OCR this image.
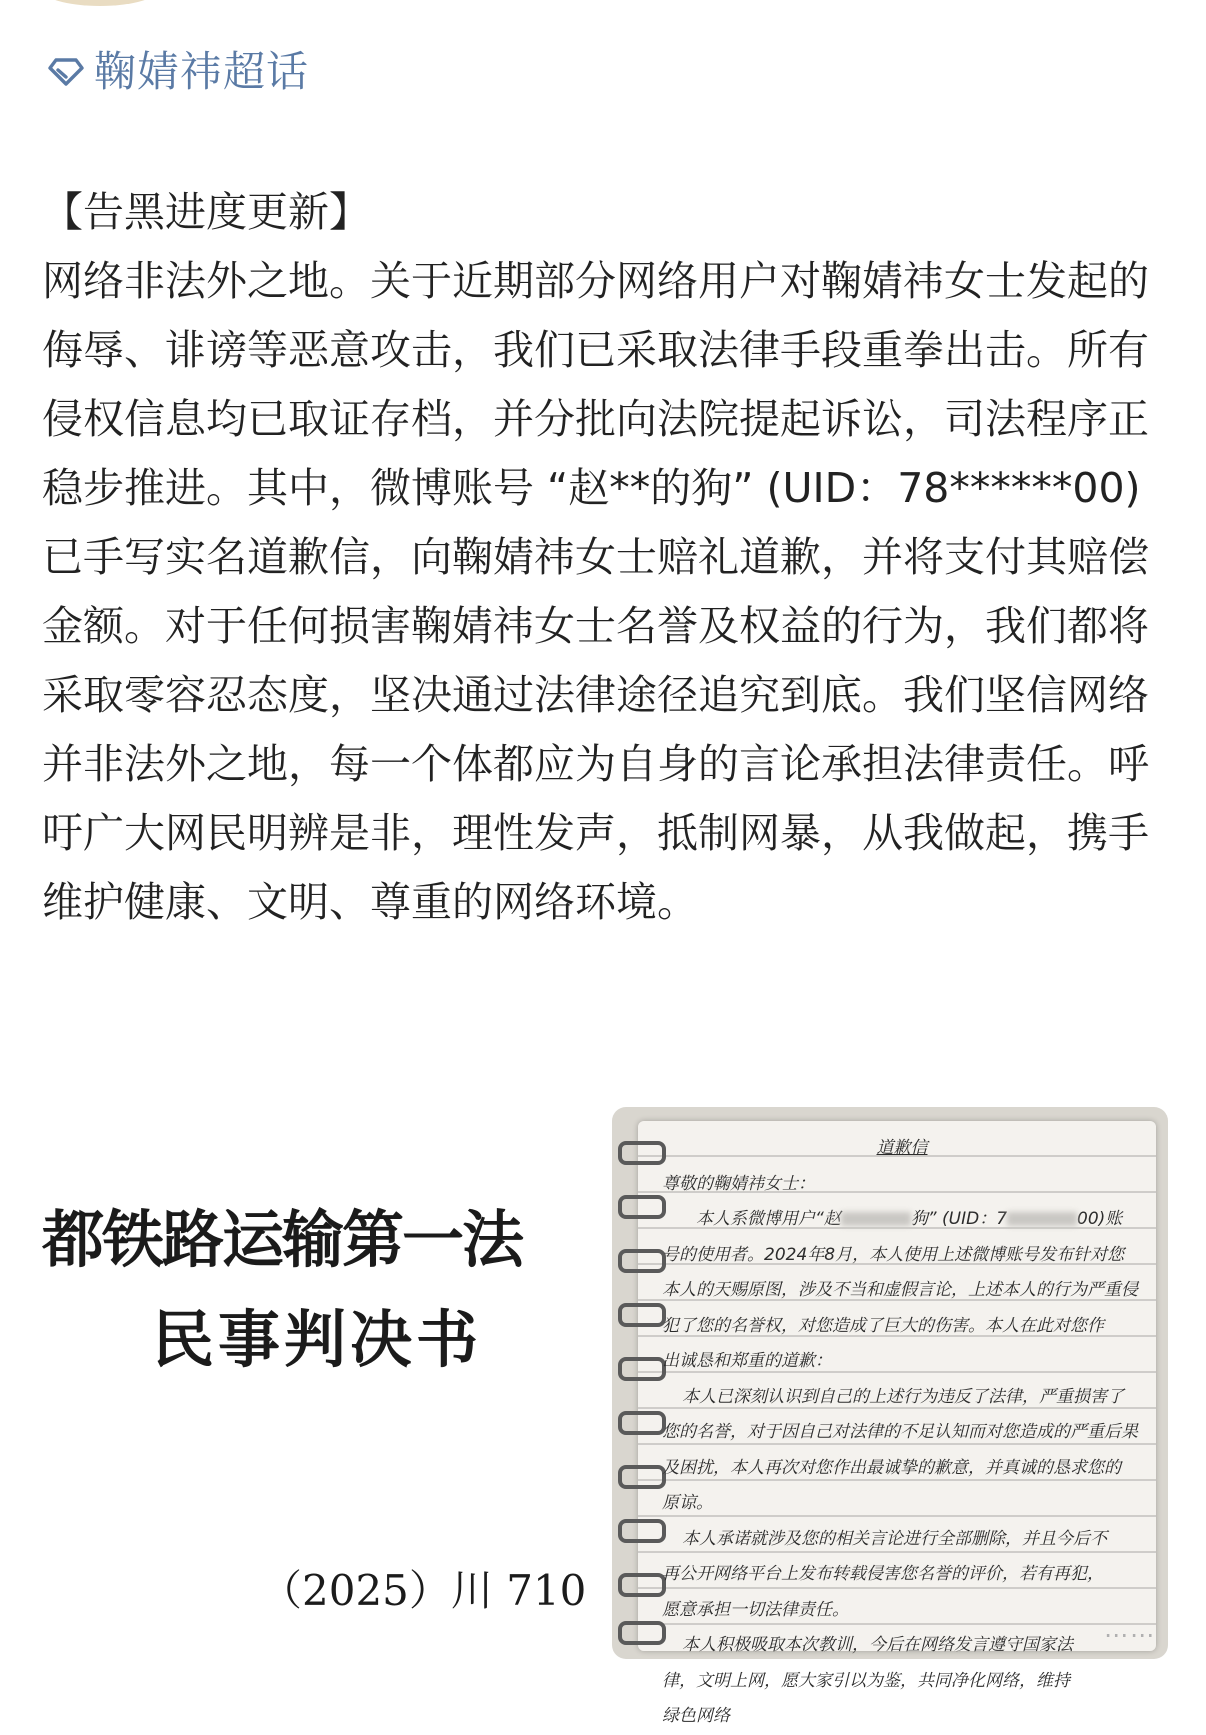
鞠婧祎超话

【告黑进度更新】

网络非法外之地。关于近期部分网络用户对鞠婧祎女士发起的侮辱、诽谤等恶意攻击，我们已采取法律手段重拳出击。所有侵权信息均已取证存档，并分批向法院提起诉讼，司法程序正稳步推进。其中，微博账号 “赵**的狗” (UID：78******00) 已手写实名道歉信，向鞠婧祎女士赔礼道歉，并将支付其赔偿金额。对于任何损害鞠婧祎女士名誉及权益的行为，我们都将采取零容忍态度，坚决通过法律途径追究到底。我们坚信网络并非法外之地，每一个体都应为自身的言论承担法律责任。呼吁广大网民明辨是非，理性发声，抵制网暴，从我做起，携手维护健康、文明、尊重的网络环境。

都铁路运输第一法
民事判决书
（2025）川 710
道歉信
尊敬的鞠婧祎女士：
本人系微博用户“赵	狗” (UID：7	00)账
号的使用者。2024年8月，本人使用上述微博账号发布针对您
本人的天赐原图，涉及不当和虚假言论，上述本人的行为严重侵
犯了您的名誉权，对您造成了巨大的伤害。本人在此对您作
出诚恳和郑重的道歉：
本人已深刻认识到自己的上述行为违反了法律，严重损害了
您的名誉，对于因自己对法律的不足认知而对您造成的严重后果
及困扰，本人再次对您作出最诚挚的歉意，并真诚的恳求您的
原谅。
本人承诺就涉及您的相关言论进行全部删除，并且今后不
再公开网络平台上发布转载侵害您名誉的评价，若有再犯，
愿意承担一切法律责任。
本人积极吸取本次教训，今后在网络发言遵守国家法
律，文明上网，愿大家引以为鉴，共同净化网络，维持
绿色网络
⋯⋯
